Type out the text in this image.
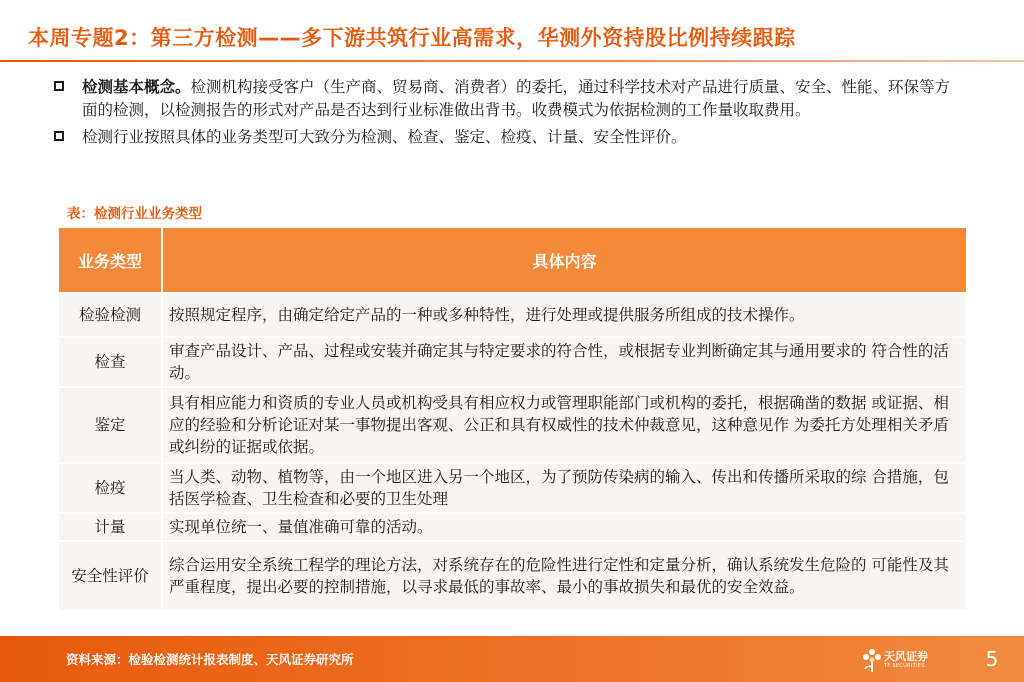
本周专题2：第三方检测——多下游共筑行业高需求，华测外资持股比例持续跟踪
检测基本概念。检测机构接受客户（生产商、贸易商、消费者）的委托，通过科学技术对产品进行质量、安全、性能、环保等方面的检测，以检测报告的形式对产品是否达到行业标准做出背书。收费模式为依据检测的工作量收取费用。
检测行业按照具体的业务类型可大致分为检测、检查、鉴定、检疫、计量、安全性评价。
表：检测行业业务类型
业务类型	具体内容
检验检测	按照规定程序，由确定给定产品的一种或多种特性，进行处理或提供服务所组成的技术操作。
检查	审查产品设计、产品、过程或安装并确定其与特定要求的符合性，或根据专业判断确定其与通用要求的 符合性的活动。
鉴定	具有相应能力和资质的专业人员或机构受具有相应权力或管理职能部门或机构的委托，根据确凿的数据 或证据、相应的经验和分析论证对某一事物提出客观、公正和具有权威性的技术仲裁意见，这种意见作 为委托方处理相关矛盾或纠纷的证据或依据。
检疫	当人类、动物、植物等，由一个地区进入另一个地区，为了预防传染病的输入、传出和传播所采取的综 合措施，包括医学检查、卫生检查和必要的卫生处理
计量	实现单位统一、量值准确可靠的活动。
安全性评价	综合运用安全系统工程学的理论方法，对系统存在的危险性进行定性和定量分析，确认系统发生危险的 可能性及其严重程度，提出必要的控制措施，以寻求最低的事故率、最小的事故损失和最优的安全效益。
资料来源：检验检测统计报表制度、天风证券研究所	天风证券
TF SECURITIES	5
